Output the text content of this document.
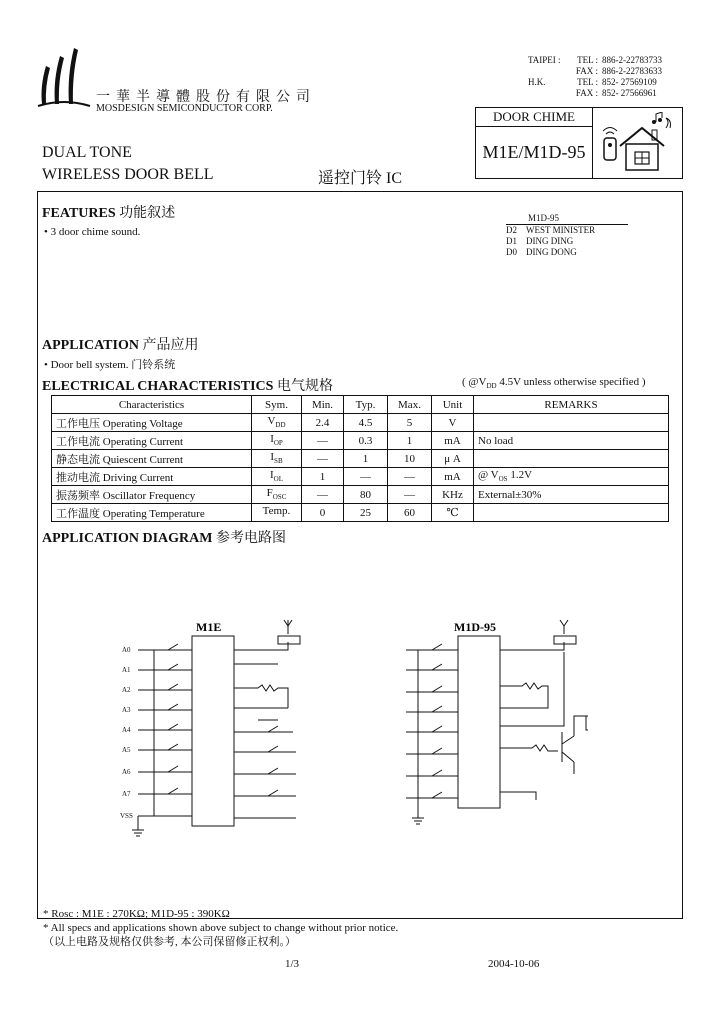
一華半導體股份有限公司
MOSDESIGN SEMICONDUCTOR CORP.
TAIPEI : TEL : 886-2-22783733
FAX : 886-2-22783633
H.K.	TEL : 852- 27569109
FAX : 852- 27566961
DOOR CHIME
M1E/M1D-95
DUAL TONE
WIRELESS DOOR BELL	遥控门铃 IC
FEATURES 功能叙述
• 3 door chime sound.
M1D-95
D2 WEST MINISTER
D1 DING DING
D0 DING DONG
APPLICATION 产品应用
• Door bell system. 门铃系统
ELECTRICAL CHARACTERISTICS 电气规格	( $@V_{DD}$ 4.5V unless otherwise specified )
Characteristics	Sym.	Min.	Typ.	Max.	Unit	REMARKS
工作电压 Operating Voltage	$V_{DD}$	2.4	4.5	5	V	
工作电流 Operating Current	$I_{OP}$	—	0.3	1	mA	No load
静态电流 Quiescent Current	$I_{SB}$	—	1	10	μ A	
推动电流 Driving Current	$I_{OL}$	1	—	—	mA	@ $V_{OS}$ 1.2V
振荡频率 Oscillator Frequency	$F_{OSC}$	—	80	—	KHz	External±30%
工作温度 Operating Temperature	Temp.	0	25	60	℃	
APPLICATION DIAGRAM 参考电路图
M1E
A0
A1
A2
A3
A4
A5
A6
A7
VSS
M1D-95
* Rosc : M1E : 270KΩ; M1D-95 : 390KΩ
* All specs and applications shown above subject to change without prior notice.
（以上电路及规格仅供参考, 本公司保留修正权利。）
1/3	2004-10-06
